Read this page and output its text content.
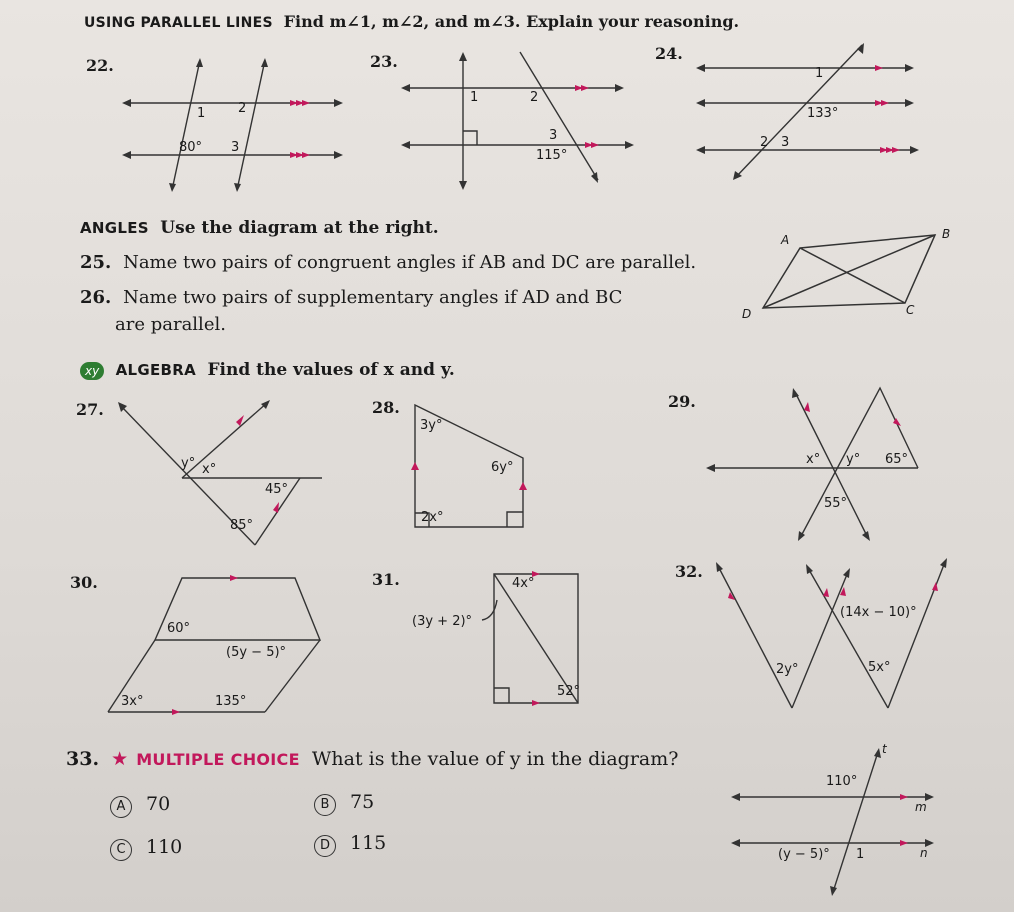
USING PARALLEL LINES Find m∠1, m∠2, and m∠3. Explain your reasoning.
22.
1	2
80° 3
23.
1	2
3
115°
24.
1
133°
2 3
ANGLES Use the diagram at the right.
25. Name two pairs of congruent angles if AB and DC are parallel.
26. Name two pairs of supplementary angles if AD and BC
are parallel.
A	B
C
D
xy ALGEBRA Find the values of x and y.
27.
y° x°
45°
85°
28.
3y°
6y°
2x°
29.
x° y° 65°
55°
30.
60°
(5y − 5)°
3x°	135°
31.	4x°
(3y + 2)°
52°
32.
(14x − 10)°
2y°	5x°
33. ★ MULTIPLE CHOICE What is the value of y in the diagram?
A 70	B 75
C 110	D 115
t
110°
m
(y − 5)° 1	n
